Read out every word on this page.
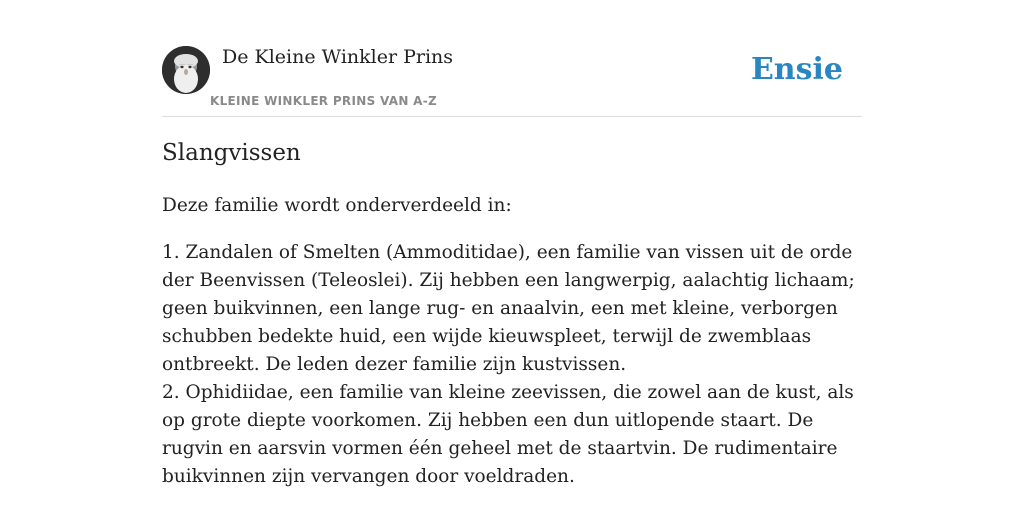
De Kleine Winkler Prins
KLEINE WINKLER PRINS VAN A-Z
Ensie
Slangvissen

Deze familie wordt onderverdeeld in:

1. Zandalen of Smelten (Ammoditidae), een familie van vissen uit de orde der Beenvissen (Teleoslei). Zij hebben een langwerpig, aalachtig lichaam; geen buikvinnen, een lange rug- en anaalvin, een met kleine, verborgen schubben bedekte huid, een wijde kieuwspleet, terwijl de zwemblaas ontbreekt. De leden dezer familie zijn kustvissen.

2. Ophidiidae, een familie van kleine zeevissen, die zowel aan de kust, als op grote diepte voorkomen. Zij hebben een dun uitlopende staart. De rugvin en aarsvin vormen één geheel met de staartvin. De rudimentaire buikvinnen zijn vervangen door voeldraden.
